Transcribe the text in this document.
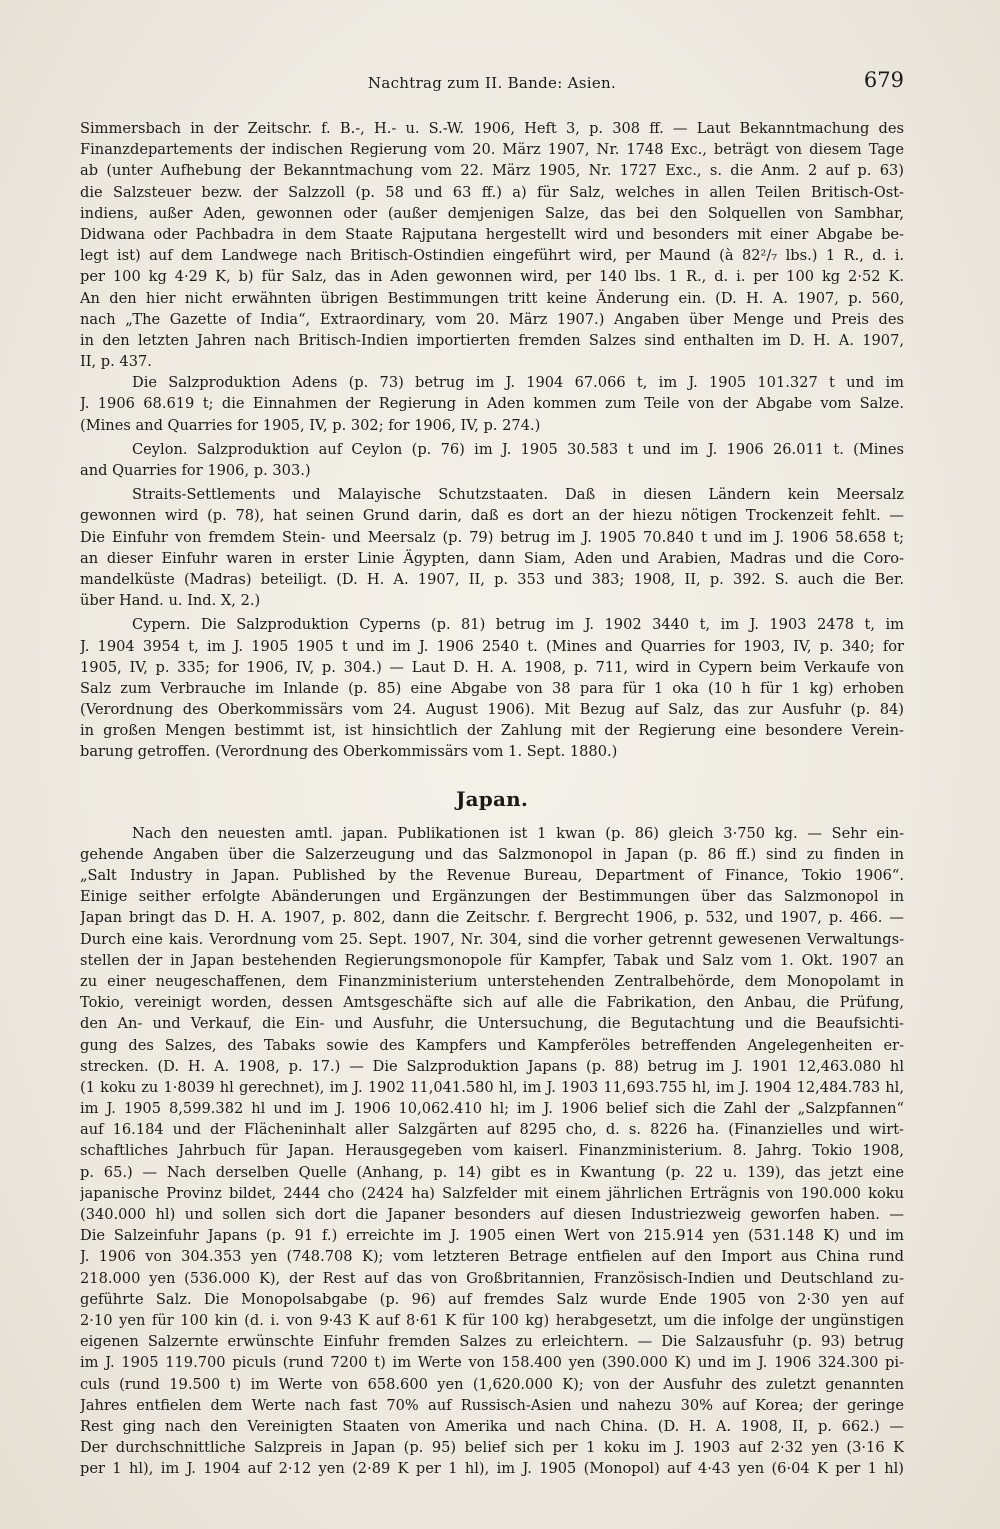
Nachtrag zum II. Bande: Asien.	679
Simmersbach in der Zeitschr. f. B.-, H.- u. S.-W. 1906, Heft 3, p. 308 ff. — Laut Bekanntmachung des
Finanzdepartements der indischen Regierung vom 20. März 1907, Nr. 1748 Exc., beträgt von diesem Tage
ab (unter Aufhebung der Bekanntmachung vom 22. März 1905, Nr. 1727 Exc., s. die Anm. 2 auf p. 63)
die Salzsteuer bezw. der Salzzoll (p. 58 und 63 ff.) a) für Salz, welches in allen Teilen Britisch-Ost-
indiens, außer Aden, gewonnen oder (außer demjenigen Salze, das bei den Solquellen von Sambhar,
Didwana oder Pachbadra in dem Staate Rajputana hergestellt wird und besonders mit einer Abgabe be-
legt ist) auf dem Landwege nach Britisch-Ostindien eingeführt wird, per Maund (à 82²/₇ lbs.) 1 R., d. i.
per 100 kg 4·29 K, b) für Salz, das in Aden gewonnen wird, per 140 lbs. 1 R., d. i. per 100 kg 2·52 K.
An den hier nicht erwähnten übrigen Bestimmungen tritt keine Änderung ein. (D. H. A. 1907, p. 560,
nach „The Gazette of India“, Extraordinary, vom 20. März 1907.) Angaben über Menge und Preis des
in den letzten Jahren nach Britisch-Indien importierten fremden Salzes sind enthalten im D. H. A. 1907,
II, p. 437.
Die Salzproduktion Adens (p. 73) betrug im J. 1904 67.066 t, im J. 1905 101.327 t und im
J. 1906 68.619 t; die Einnahmen der Regierung in Aden kommen zum Teile von der Abgabe vom Salze.
(Mines and Quarries for 1905, IV, p. 302; for 1906, IV, p. 274.)
Ceylon. Salzproduktion auf Ceylon (p. 76) im J. 1905 30.583 t und im J. 1906 26.011 t. (Mines
and Quarries for 1906, p. 303.)
Straits-Settlements und Malayische Schutzstaaten. Daß in diesen Ländern kein Meersalz
gewonnen wird (p. 78), hat seinen Grund darin, daß es dort an der hiezu nötigen Trockenzeit fehlt. —
Die Einfuhr von fremdem Stein- und Meersalz (p. 79) betrug im J. 1905 70.840 t und im J. 1906 58.658 t;
an dieser Einfuhr waren in erster Linie Ägypten, dann Siam, Aden und Arabien, Madras und die Coro-
mandelküste (Madras) beteiligt. (D. H. A. 1907, II, p. 353 und 383; 1908, II, p. 392. S. auch die Ber.
über Hand. u. Ind. X, 2.)
Cypern. Die Salzproduktion Cyperns (p. 81) betrug im J. 1902 3440 t, im J. 1903 2478 t, im
J. 1904 3954 t, im J. 1905 1905 t und im J. 1906 2540 t. (Mines and Quarries for 1903, IV, p. 340; for
1905, IV, p. 335; for 1906, IV, p. 304.) — Laut D. H. A. 1908, p. 711, wird in Cypern beim Verkaufe von
Salz zum Verbrauche im Inlande (p. 85) eine Abgabe von 38 para für 1 oka (10 h für 1 kg) erhoben
(Verordnung des Oberkommissärs vom 24. August 1906). Mit Bezug auf Salz, das zur Ausfuhr (p. 84)
in großen Mengen bestimmt ist, ist hinsichtlich der Zahlung mit der Regierung eine besondere Verein-
barung getroffen. (Verordnung des Oberkommissärs vom 1. Sept. 1880.)
Japan.
Nach den neuesten amtl. japan. Publikationen ist 1 kwan (p. 86) gleich 3·750 kg. — Sehr ein-
gehende Angaben über die Salzerzeugung und das Salzmonopol in Japan (p. 86 ff.) sind zu finden in
„Salt Industry in Japan. Published by the Revenue Bureau, Department of Finance, Tokio 1906“.
Einige seither erfolgte Abänderungen und Ergänzungen der Bestimmungen über das Salzmonopol in
Japan bringt das D. H. A. 1907, p. 802, dann die Zeitschr. f. Bergrecht 1906, p. 532, und 1907, p. 466. —
Durch eine kais. Verordnung vom 25. Sept. 1907, Nr. 304, sind die vorher getrennt gewesenen Verwaltungs-
stellen der in Japan bestehenden Regierungsmonopole für Kampfer, Tabak und Salz vom 1. Okt. 1907 an
zu einer neugeschaffenen, dem Finanzministerium unterstehenden Zentralbehörde, dem Monopolamt in
Tokio, vereinigt worden, dessen Amtsgeschäfte sich auf alle die Fabrikation, den Anbau, die Prüfung,
den An- und Verkauf, die Ein- und Ausfuhr, die Untersuchung, die Begutachtung und die Beaufsichti-
gung des Salzes, des Tabaks sowie des Kampfers und Kampferöles betreffenden Angelegenheiten er-
strecken. (D. H. A. 1908, p. 17.) — Die Salzproduktion Japans (p. 88) betrug im J. 1901 12,463.080 hl
(1 koku zu 1·8039 hl gerechnet), im J. 1902 11,041.580 hl, im J. 1903 11,693.755 hl, im J. 1904 12,484.783 hl,
im J. 1905 8,599.382 hl und im J. 1906 10,062.410 hl; im J. 1906 belief sich die Zahl der „Salzpfannen“
auf 16.184 und der Flächeninhalt aller Salzgärten auf 8295 cho, d. s. 8226 ha. (Finanzielles und wirt-
schaftliches Jahrbuch für Japan. Herausgegeben vom kaiserl. Finanzministerium. 8. Jahrg. Tokio 1908,
p. 65.) — Nach derselben Quelle (Anhang, p. 14) gibt es in Kwantung (p. 22 u. 139), das jetzt eine
japanische Provinz bildet, 2444 cho (2424 ha) Salzfelder mit einem jährlichen Erträgnis von 190.000 koku
(340.000 hl) und sollen sich dort die Japaner besonders auf diesen Industriezweig geworfen haben. —
Die Salzeinfuhr Japans (p. 91 f.) erreichte im J. 1905 einen Wert von 215.914 yen (531.148 K) und im
J. 1906 von 304.353 yen (748.708 K); vom letzteren Betrage entfielen auf den Import aus China rund
218.000 yen (536.000 K), der Rest auf das von Großbritannien, Französisch-Indien und Deutschland zu-
geführte Salz. Die Monopolsabgabe (p. 96) auf fremdes Salz wurde Ende 1905 von 2·30 yen auf
2·10 yen für 100 kin (d. i. von 9·43 K auf 8·61 K für 100 kg) herabgesetzt, um die infolge der ungünstigen
eigenen Salzernte erwünschte Einfuhr fremden Salzes zu erleichtern. — Die Salzausfuhr (p. 93) betrug
im J. 1905 119.700 piculs (rund 7200 t) im Werte von 158.400 yen (390.000 K) und im J. 1906 324.300 pi-
culs (rund 19.500 t) im Werte von 658.600 yen (1,620.000 K); von der Ausfuhr des zuletzt genannten
Jahres entfielen dem Werte nach fast 70% auf Russisch-Asien und nahezu 30% auf Korea; der geringe
Rest ging nach den Vereinigten Staaten von Amerika und nach China. (D. H. A. 1908, II, p. 662.) —
Der durchschnittliche Salzpreis in Japan (p. 95) belief sich per 1 koku im J. 1903 auf 2·32 yen (3·16 K
per 1 hl), im J. 1904 auf 2·12 yen (2·89 K per 1 hl), im J. 1905 (Monopol) auf 4·43 yen (6·04 K per 1 hl)
